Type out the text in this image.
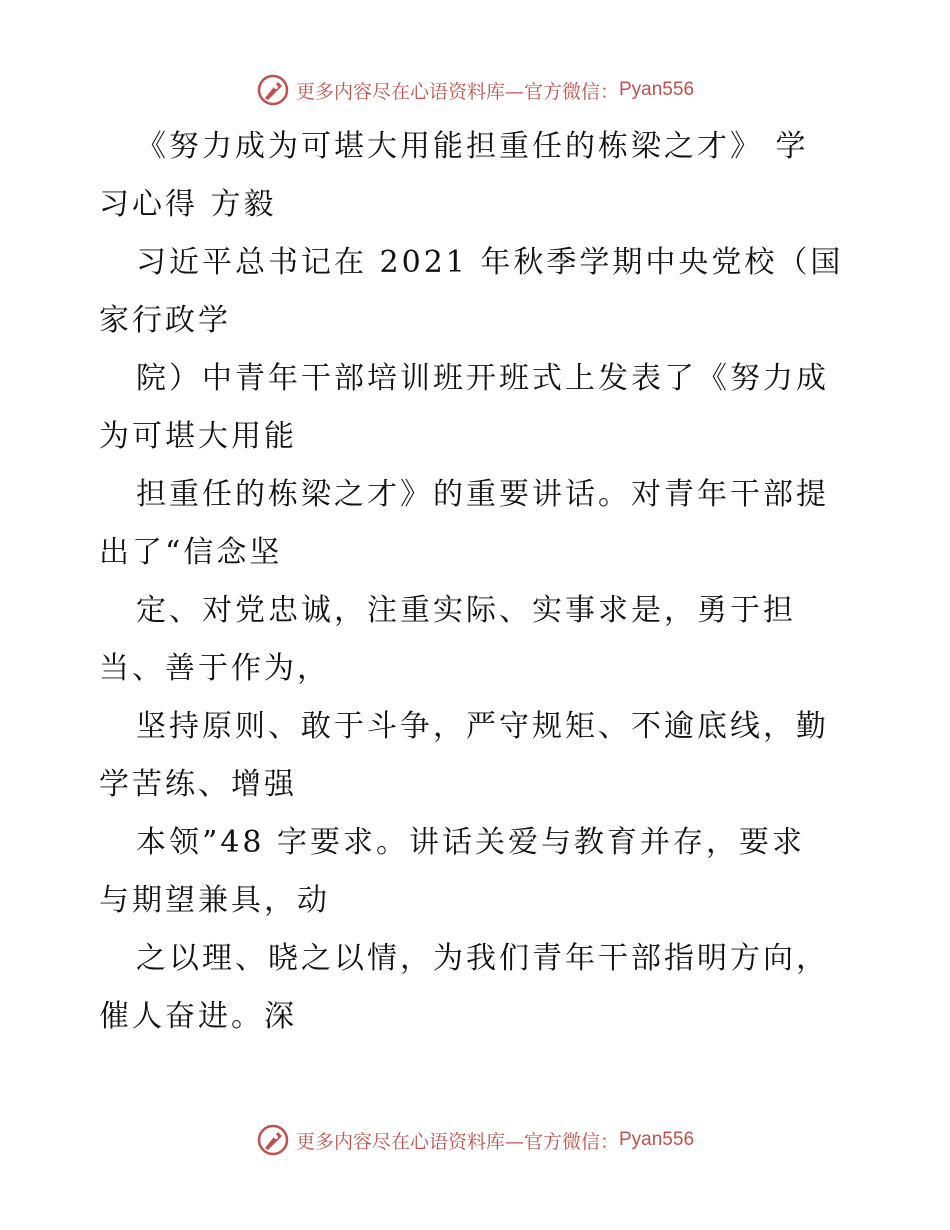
更多内容尽在心语资料库—官方微信： Pyan556
《努力成为可堪大用能担重任的栋梁之才》 学
习心得 方毅
习近平总书记在 2021 年秋季学期中央党校（国
家行政学
院）中青年干部培训班开班式上发表了《努力成
为可堪大用能
担重任的栋梁之才》的重要讲话。对青年干部提
出了“信念坚
定、对党忠诚，注重实际、实事求是，勇于担
当、善于作为，
坚持原则、敢于斗争，严守规矩、不逾底线，勤
学苦练、增强
本领”48 字要求。讲话关爱与教育并存，要求
与期望兼具，动
之以理、晓之以情，为我们青年干部指明方向，
催人奋进。深
更多内容尽在心语资料库—官方微信： Pyan556
